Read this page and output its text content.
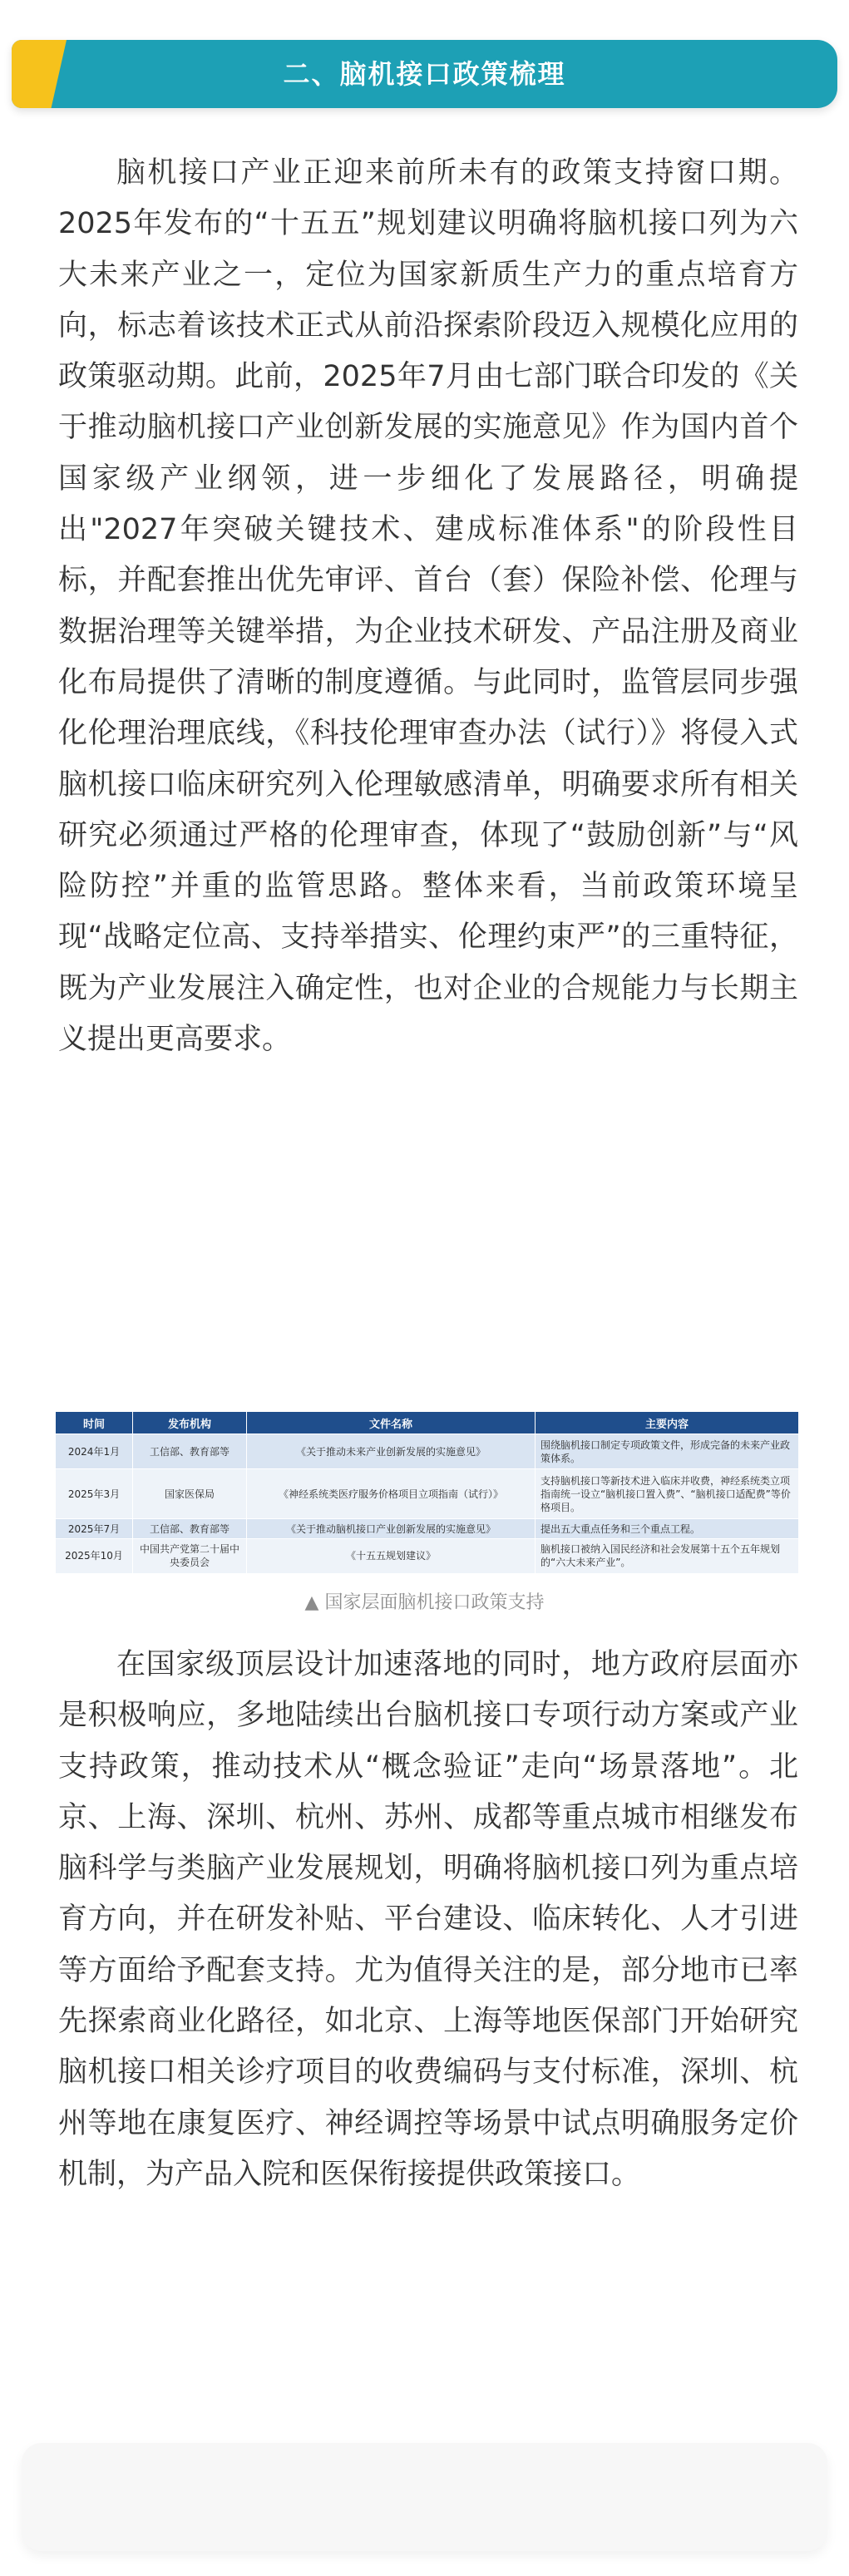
二、脑机接口政策梳理

脑机接口产业正迎来前所未有的政策支持窗口期。2025年发布的“十五五”规划建议明确将脑机接口列为六大未来产业之一，定位为国家新质生产力的重点培育方向，标志着该技术正式从前沿探索阶段迈入规模化应用的政策驱动期。此前，2025年7月由七部门联合印发的《关于推动脑机接口产业创新发展的实施意见》作为国内首个国家级产业纲领，进一步细化了发展路径，明确提出"2027年突破关键技术、建成标准体系"的阶段性目标，并配套推出优先审评、首台（套）保险补偿、伦理与数据治理等关键举措，为企业技术研发、产品注册及商业化布局提供了清晰的制度遵循。与此同时，监管层同步强化伦理治理底线，《科技伦理审查办法（试行）》将侵入式脑机接口临床研究列入伦理敏感清单，明确要求所有相关研究必须通过严格的伦理审查，体现了“鼓励创新”与“风险防控”并重的监管思路。整体来看，当前政策环境呈现“战略定位高、支持举措实、伦理约束严”的三重特征，既为产业发展注入确定性，也对企业的合规能力与长期主义提出更高要求。

时间	发布机构	文件名称	主要内容
2024年1月	工信部、教育部等	《关于推动未来产业创新发展的实施意见》	围绕脑机接口制定专项政策文件，形成完备的未来产业政策体系。
2025年3月	国家医保局	《神经系统类医疗服务价格项目立项指南（试行）》	支持脑机接口等新技术进入临床并收费，神经系统类立项指南统一设立“脑机接口置入费”、“脑机接口适配费”等价格项目。
2025年7月	工信部、教育部等	《关于推动脑机接口产业创新发展的实施意见》	提出五大重点任务和三个重点工程。
2025年10月	中国共产党第二十届中央委员会	《十五五规划建议》	脑机接口被纳入国民经济和社会发展第十五个五年规划的“六大未来产业”。
▲ 国家层面脑机接口政策支持

在国家级顶层设计加速落地的同时，地方政府层面亦是积极响应，多地陆续出台脑机接口专项行动方案或产业支持政策，推动技术从“概念验证”走向“场景落地”。北京、上海、深圳、杭州、苏州、成都等重点城市相继发布脑科学与类脑产业发展规划，明确将脑机接口列为重点培育方向，并在研发补贴、平台建设、临床转化、人才引进等方面给予配套支持。尤为值得关注的是，部分地市已率先探索商业化路径，如北京、上海等地医保部门开始研究脑机接口相关诊疗项目的收费编码与支付标准，深圳、杭州等地在康复医疗、神经调控等场景中试点明确服务定价机制，为产品入院和医保衔接提供政策接口。
